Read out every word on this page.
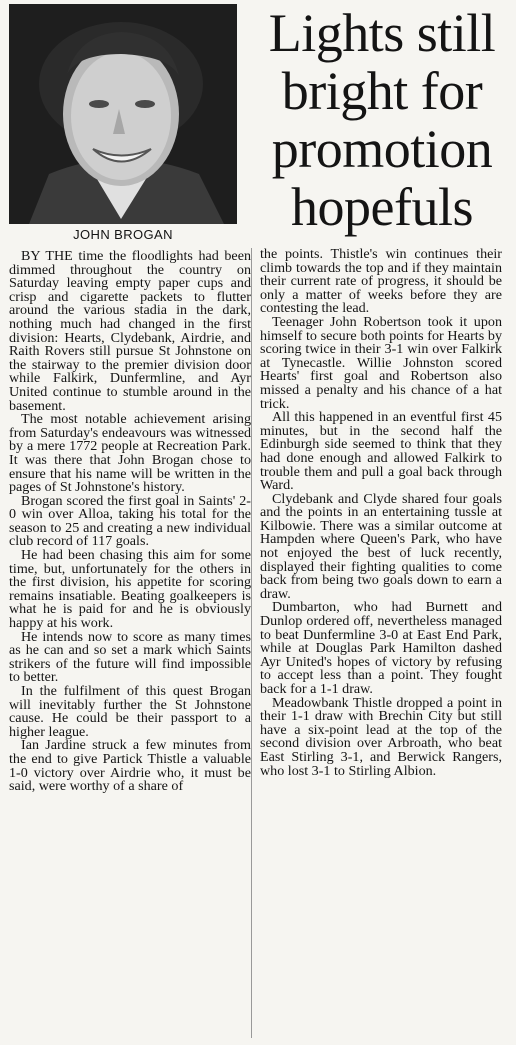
JOHN BROGAN
Lights still
bright for
promotion
hopefuls

BY THE time the floodlights had been dimmed throughout the country on Saturday leaving empty paper cups and crisp and cigarette packets to flutter around the various stadia in the dark, nothing much had changed in the first division: Hearts, Clydebank, Airdrie, and Raith Rovers still pursue St Johnstone on the stairway to the premier division door while Falkirk, Dunfermline, and Ayr United continue to stumble around in the basement.

The most notable achievement arising from Saturday's endeavours was witnessed by a mere 1772 people at Recreation Park. It was there that John Brogan chose to ensure that his name will be written in the pages of St Johnstone's history.

Brogan scored the first goal in Saints' 2-0 win over Alloa, taking his total for the season to 25 and creating a new individual club record of 117 goals.

He had been chasing this aim for some time, but, unfortunately for the others in the first division, his appetite for scoring remains insatiable. Beating goalkeepers is what he is paid for and he is obviously happy at his work.

He intends now to score as many times as he can and so set a mark which Saints strikers of the future will find impossible to better.

In the fulfilment of this quest Brogan will inevitably further the St Johnstone cause. He could be their passport to a higher league.

Ian Jardine struck a few minutes from the end to give Partick Thistle a valuable 1-0 victory over Airdrie who, it must be said, were worthy of a share of

the points. Thistle's win continues their climb towards the top and if they maintain their current rate of progress, it should be only a matter of weeks before they are contesting the lead.

Teenager John Robertson took it upon himself to secure both points for Hearts by scoring twice in their 3-1 win over Falkirk at Tynecastle. Willie Johnston scored Hearts' first goal and Robertson also missed a penalty and his chance of a hat trick.

All this happened in an eventful first 45 minutes, but in the second half the Edinburgh side seemed to think that they had done enough and allowed Falkirk to trouble them and pull a goal back through Ward.

Clydebank and Clyde shared four goals and the points in an entertaining tussle at Kilbowie. There was a similar outcome at Hampden where Queen's Park, who have not enjoyed the best of luck recently, displayed their fighting qualities to come back from being two goals down to earn a draw.

Dumbarton, who had Burnett and Dunlop ordered off, nevertheless managed to beat Dunfermline 3-0 at East End Park, while at Douglas Park Hamilton dashed Ayr United's hopes of victory by refusing to accept less than a point. They fought back for a 1-1 draw.

Meadowbank Thistle dropped a point in their 1-1 draw with Brechin City but still have a six-point lead at the top of the second division over Arbroath, who beat East Stirling 3-1, and Berwick Rangers, who lost 3-1 to Stirling Albion.
